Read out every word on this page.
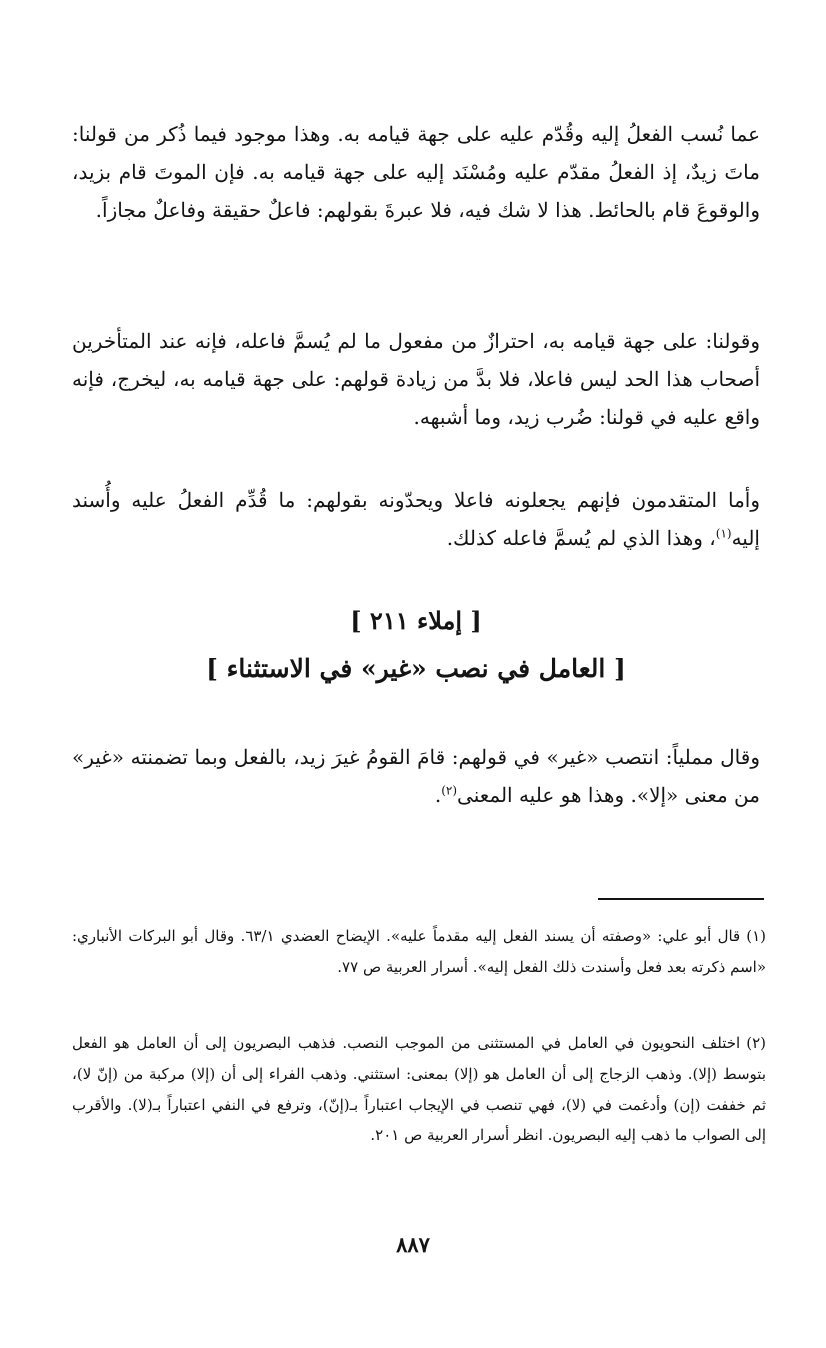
عما نُسب الفعلُ إليه وقُدّم عليه على جهة قيامه به. وهذا موجود فيما ذُكر من قولنا: ماتَ زيدٌ، إذ الفعلُ مقدّم عليه ومُسْنَد إليه على جهة قيامه به. فإن الموتَ قام بزيد، والوقوعَ قام بالحائط. هذا لا شك فيه، فلا عبرةَ بقولهم: فاعلٌ حقيقة وفاعلٌ مجازاً.

وقولنا: على جهة قيامه به، احترازٌ من مفعول ما لم يُسمَّ فاعله، فإنه عند المتأخرين أصحاب هذا الحد ليس فاعلا، فلا بدَّ من زيادة قولهم: على جهة قيامه به، ليخرج، فإنه واقع عليه في قولنا: ضُرب زيد، وما أشبهه.

وأما المتقدمون فإنهم يجعلونه فاعلا ويحدّونه بقولهم: ما قُدِّم الفعلُ عليه وأُسند إليه$^{(١)}$، وهذا الذي لم يُسمَّ فاعله كذلك.

[ إملاء ٢١١ ]
[ العامل في نصب «غير» في الاستثناء ]

وقال مملياً: انتصب «غير» في قولهم: قامَ القومُ غيرَ زيد، بالفعل وبما تضمنته «غير» من معنى «إلا». وهذا هو عليه المعنى$^{(٢)}$.

(١)قال أبو علي: «وصفته أن يسند الفعل إليه مقدماً عليه». الإيضاح العضدي ٦٣/١. وقال أبو البركات الأنباري: «اسم ذكرته بعد فعل وأسندت ذلك الفعل إليه». أسرار العربية ص ٧٧.

(٢)اختلف النحويون في العامل في المستثنى من الموجب النصب. فذهب البصريون إلى أن العامل هو الفعل بتوسط (إلا). وذهب الزجاج إلى أن العامل هو (إلا) بمعنى: استثني. وذهب الفراء إلى أن (إلا) مركبة من (إنّ لا)، ثم خففت (إن) وأدغمت في (لا)، فهي تنصب في الإيجاب اعتباراً بـ(إنّ)، وترفع في النفي اعتباراً بـ(لا). والأقرب إلى الصواب ما ذهب إليه البصريون. انظر أسرار العربية ص ٢٠١.

٨٨٧
